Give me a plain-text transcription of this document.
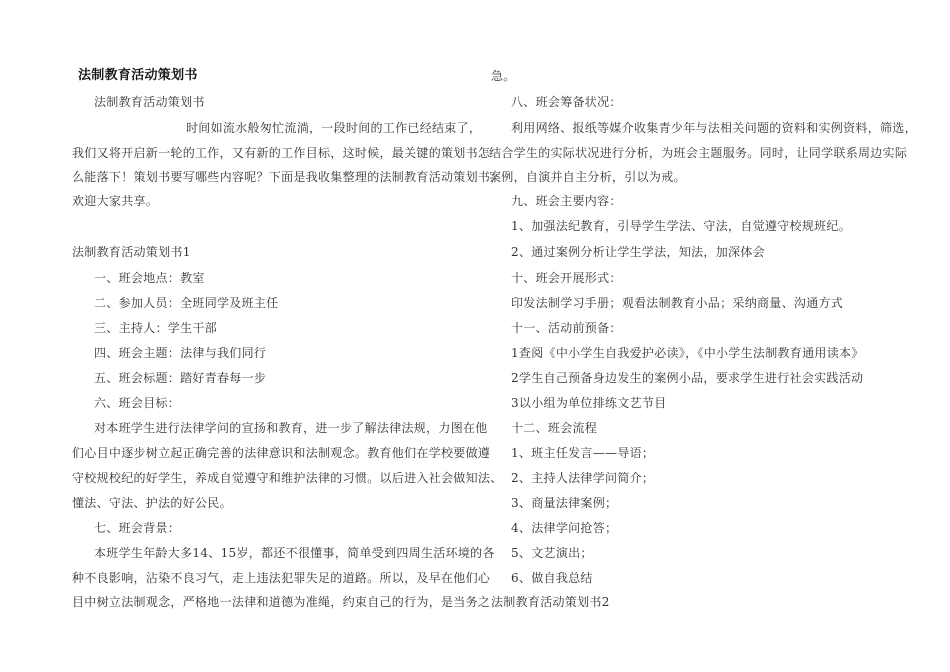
法制教育活动策划书
法制教育活动策划书
时间如流水般匆忙流淌，一段时间的工作已经结束了，
我们又将开启新一轮的工作，又有新的工作目标，这时候，最关键的策划书怎
么能落下！策划书要写哪些内容呢？下面是我收集整理的法制教育活动策划书，
欢迎大家共享。
法制教育活动策划书1
一、班会地点：教室
二、参加人员：全班同学及班主任
三、主持人：学生干部
四、班会主题：法律与我们同行
五、班会标题：踏好青春每一步
六、班会目标：
对本班学生进行法律学问的宣扬和教育，进一步了解法律法规，力图在他
们心目中逐步树立起正确完善的法律意识和法制观念。教育他们在学校要做遵
守校规校纪的好学生，养成自觉遵守和维护法律的习惯。以后进入社会做知法、
懂法、守法、护法的好公民。
七、班会背景：
本班学生年龄大多14、15岁，都还不很懂事，简单受到四周生活环境的各
种不良影响，沾染不良习气，走上违法犯罪失足的道路。所以，及早在他们心
目中树立法制观念，严格地一法律和道德为准绳，约束自己的行为，是当务之
急。
八、班会筹备状况：
利用网络、报纸等媒介收集青少年与法相关问题的资料和实例资料，筛选，
结合学生的实际状况进行分析，为班会主题服务。同时，让同学联系周边实际
案例，自演并自主分析，引以为戒。
九、班会主要内容：
1、加强法纪教育，引导学生学法、守法，自觉遵守校规班纪。
2、通过案例分析让学生学法，知法，加深体会
十、班会开展形式：
印发法制学习手册；观看法制教育小品；采纳商量、沟通方式
十一、活动前预备：
1查阅《中小学生自我爱护必读》，《中小学生法制教育通用读本》
2学生自己预备身边发生的案例小品，要求学生进行社会实践活动
3以小组为单位排练文艺节目
十二、班会流程
1、班主任发言——导语；
2、主持人法律学问简介；
3、商量法律案例；
4、法律学问抢答；
5、文艺演出；
6、做自我总结
法制教育活动策划书2
